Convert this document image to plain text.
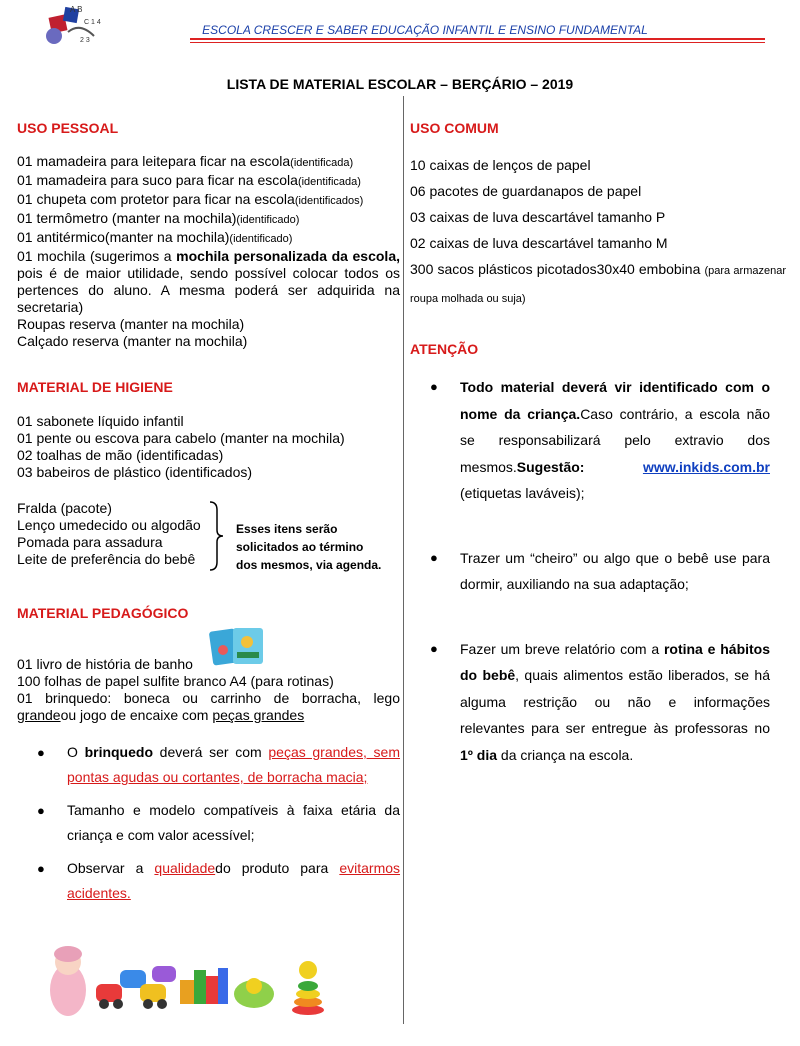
A B
C 1 4
2 3
ESCOLA CRESCER E SABER EDUCAÇÃO INFANTIL E ENSINO FUNDAMENTAL
LISTA DE MATERIAL ESCOLAR – BERÇÁRIO – 2019
USO PESSOAL
01 mamadeira para leitepara ficar na escola(identificada)
01 mamadeira para suco para ficar na escola(identificada)
01 chupeta com protetor para ficar na escola(identificados)
01 termômetro (manter na mochila)(identificado)
01 antitérmico(manter na mochila)(identificado)
01 mochila (sugerimos a mochila personalizada da escola, pois é de maior utilidade, sendo possível colocar todos os pertences do aluno. A mesma poderá ser adquirida na secretaria)
Roupas reserva (manter na mochila)
Calçado reserva (manter na mochila)
MATERIAL DE HIGIENE
01 sabonete líquido infantil
01 pente ou escova para cabelo (manter na mochila)
02 toalhas de mão (identificadas)
03 babeiros de plástico (identificados)
Fralda (pacote)
Lenço umedecido ou algodão
Pomada para assadura
Leite de preferência do bebê
Esses itens serão
solicitados ao término
dos mesmos, via agenda.
MATERIAL PEDAGÓGICO
01 livro de história de banho
100 folhas de papel sulfite branco A4 (para rotinas)
01 brinquedo: boneca ou carrinho de borracha, lego grandeou jogo de encaixe com peças grandes
● O brinquedo deverá ser com peças grandes, sem pontas agudas ou cortantes, de borracha macia;
● Tamanho e modelo compatíveis à faixa etária da criança e com valor acessível;
● Observar a qualidadedo produto para evitarmos acidentes.
USO COMUM
10 caixas de lenços de papel
06 pacotes de guardanapos de papel
03 caixas de luva descartável tamanho P
02 caixas de luva descartável tamanho M
300 sacos plásticos picotados30x40 embobina (para armazenar roupa molhada ou suja)
ATENÇÃO
● Todo material deverá vir identificado com o nome da criança.Caso contrário, a escola não se responsabilizará pelo extravio dos mesmos.Sugestão:	www.inkids.com.br
(etiquetas laváveis);
● Trazer um “cheiro” ou algo que o bebê use para dormir, auxiliando na sua adaptação;
● Fazer um breve relatório com a rotina e hábitos do bebê, quais alimentos estão liberados, se há alguma restrição ou não e informações relevantes para ser entregue às professoras no 1º dia da criança na escola.
